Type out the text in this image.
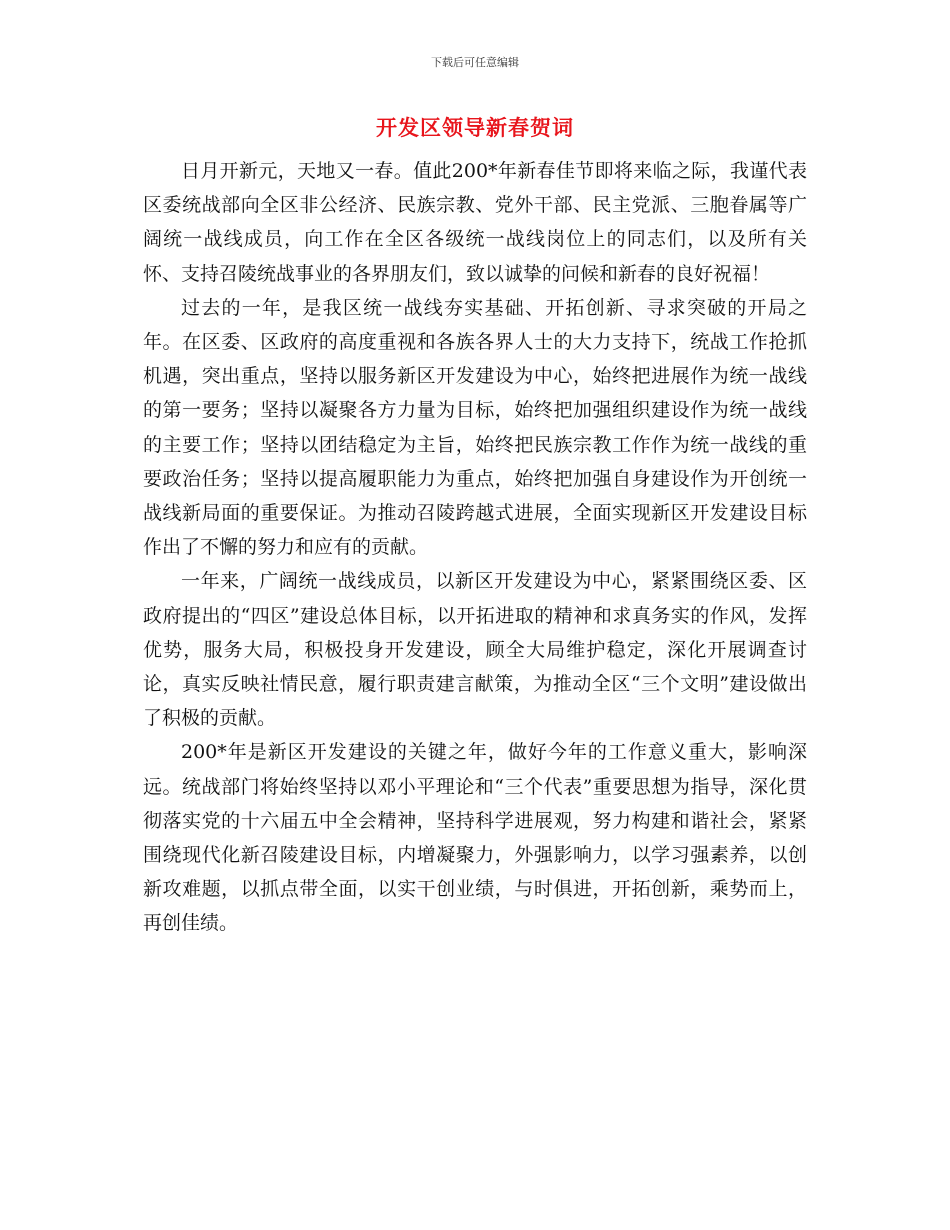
下载后可任意编辑
开发区领导新春贺词

日月开新元，天地又一春。值此200*年新春佳节即将来临之际，我谨代表区委统战部向全区非公经济、民族宗教、党外干部、民主党派、三胞眷属等广阔统一战线成员，向工作在全区各级统一战线岗位上的同志们，以及所有关怀、支持召陵统战事业的各界朋友们，致以诚挚的问候和新春的良好祝福！

过去的一年，是我区统一战线夯实基础、开拓创新、寻求突破的开局之年。在区委、区政府的高度重视和各族各界人士的大力支持下，统战工作抢抓机遇，突出重点，坚持以服务新区开发建设为中心，始终把进展作为统一战线的第一要务；坚持以凝聚各方力量为目标，始终把加强组织建设作为统一战线的主要工作；坚持以团结稳定为主旨，始终把民族宗教工作作为统一战线的重要政治任务；坚持以提高履职能力为重点，始终把加强自身建设作为开创统一战线新局面的重要保证。为推动召陵跨越式进展，全面实现新区开发建设目标作出了不懈的努力和应有的贡献。

一年来，广阔统一战线成员，以新区开发建设为中心，紧紧围绕区委、区政府提出的“四区”建设总体目标，以开拓进取的精神和求真务实的作风，发挥优势，服务大局，积极投身开发建设，顾全大局维护稳定，深化开展调查讨论，真实反映社情民意，履行职责建言献策，为推动全区“三个文明”建设做出了积极的贡献。

200*年是新区开发建设的关键之年，做好今年的工作意义重大，影响深远。统战部门将始终坚持以邓小平理论和“三个代表”重要思想为指导，深化贯彻落实党的十六届五中全会精神，坚持科学进展观，努力构建和谐社会，紧紧围绕现代化新召陵建设目标，内增凝聚力，外强影响力，以学习强素养，以创新攻难题，以抓点带全面，以实干创业绩，与时俱进，开拓创新，乘势而上，再创佳绩。
